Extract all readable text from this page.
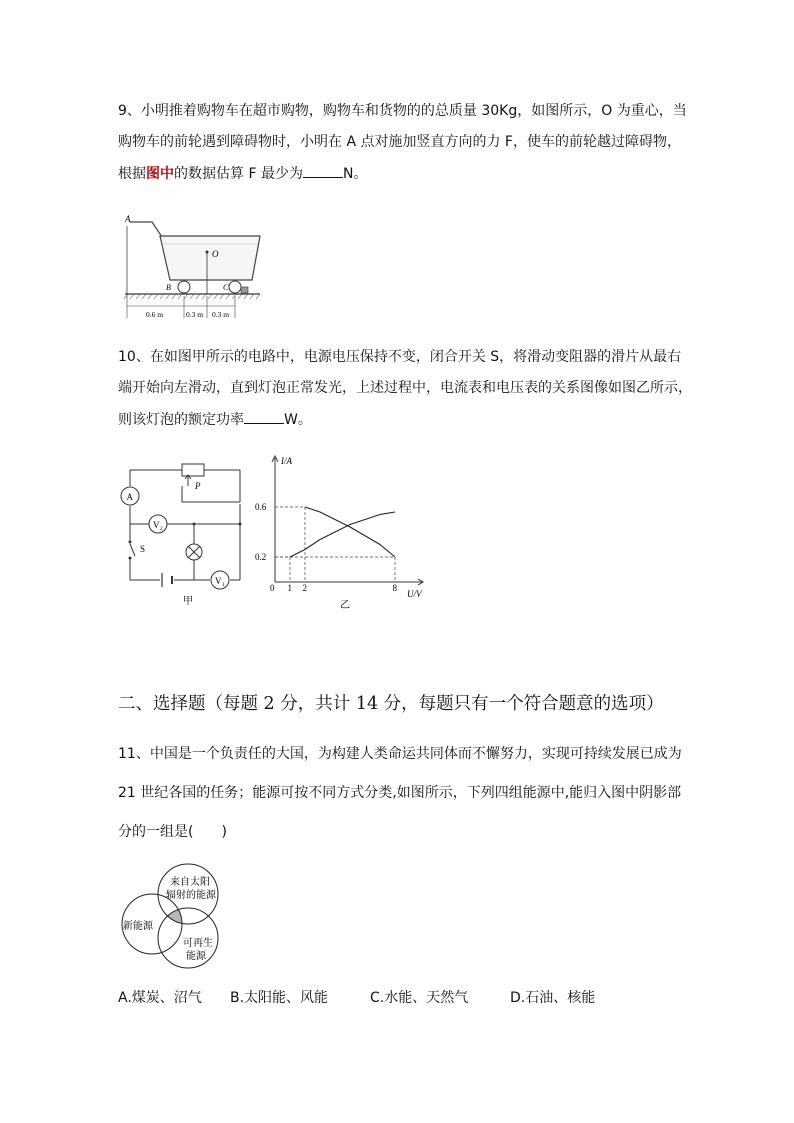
9、小明推着购物车在超市购物，购物车和货物的的总质量 30Kg，如图所示，O 为重心，当
购物车的前轮遇到障碍物时，小明在 A 点对施加竖直方向的力 F，使车的前轮越过障碍物，
根据图中的数据估算 F 最少为	N。
A
O
B	C
0.6 m	0.3 m 0.3 m
10、在如图甲所示的电路中，电源电压保持不变，闭合开关 S，将滑动变阻器的滑片从最右
端开始向左滑动，直到灯泡正常发光，上述过程中，电流表和电压表的关系图像如图乙所示，
则该灯泡的额定功率	W。
P
A
V 2
S
V 1
甲
I/A
U/V
0
0.6
0.2
1 2	8
乙
二、选择题（每题 2 分，共计 14 分，每题只有一个符合题意的选项）
11、中国是一个负责任的大国，为构建人类命运共同体而不懈努力，实现可持续发展已成为
21 世纪各国的任务；能源可按不同方式分类,如图所示，下列四组能源中,能归入图中阴影部
分的一组是(　　)
来自太阳
辐射的能源
新能源
可再生
能源
A.煤炭、沼气 B.太阳能、风能	C.水能、天然气	D.石油、核能
